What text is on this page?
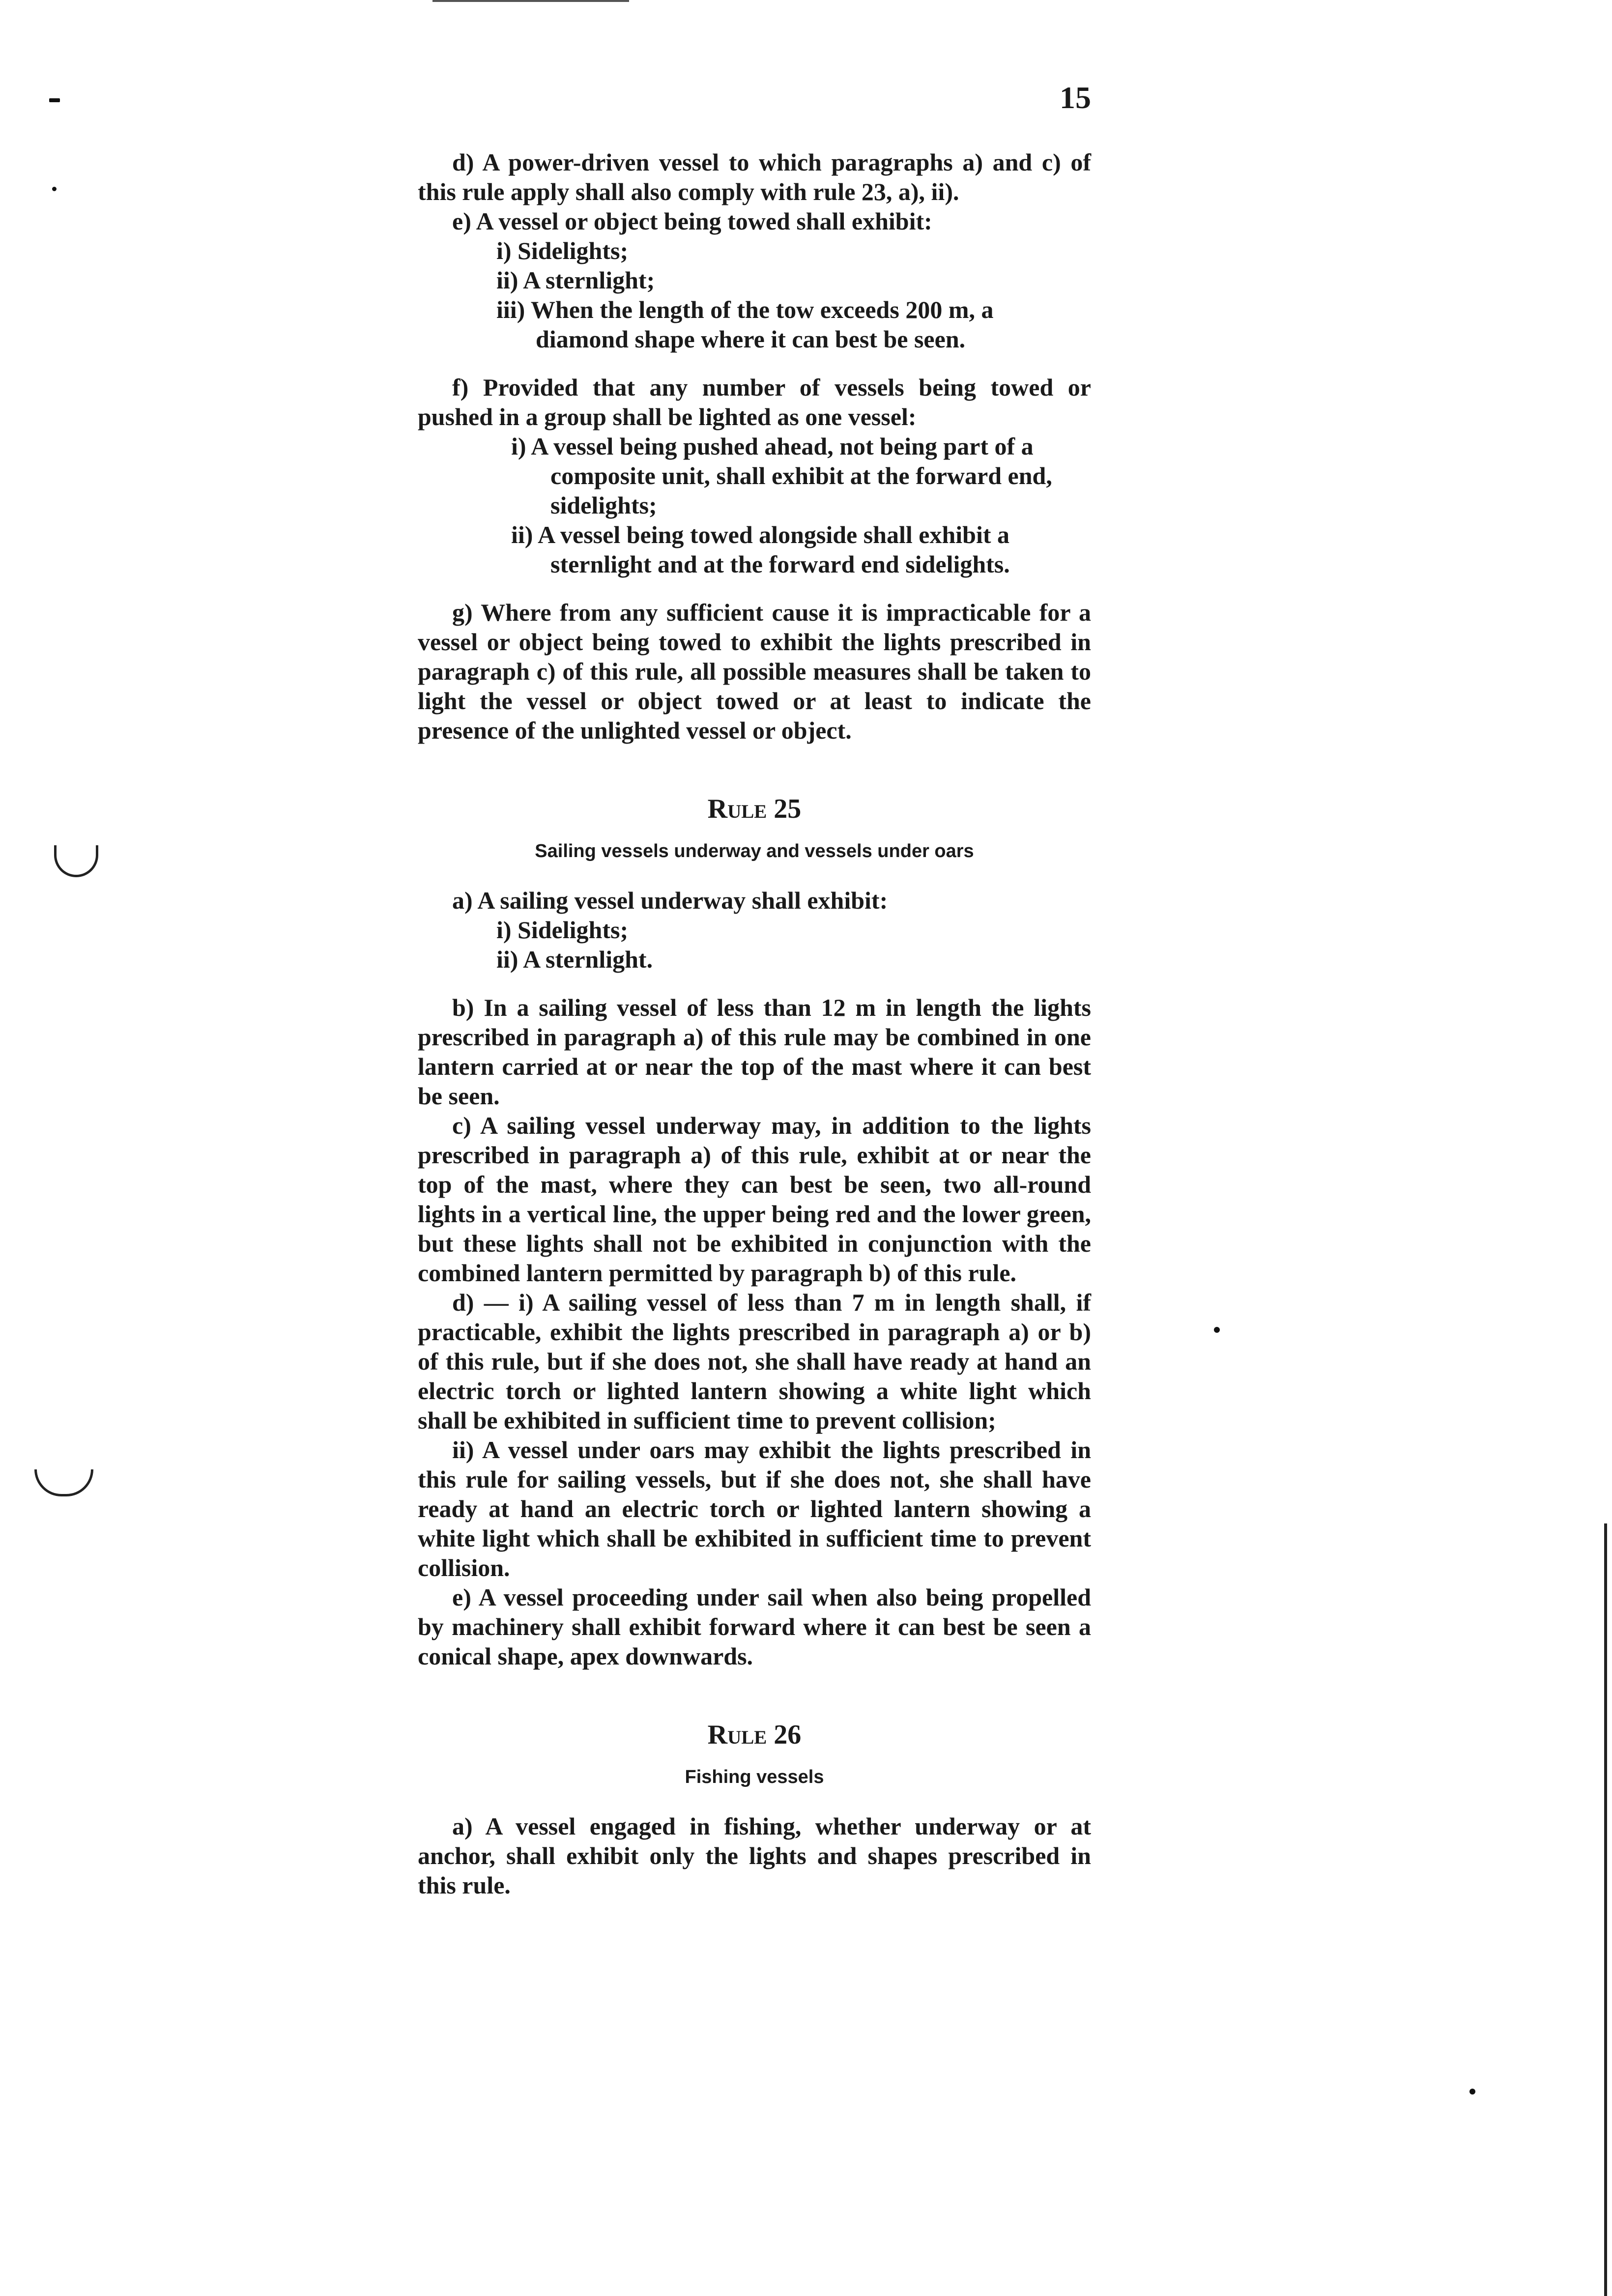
15

d) A power-driven vessel to which paragraphs a) and c) of this rule apply shall also comply with rule 23, a), ii).

e) A vessel or object being towed shall exhibit:

i) Sidelights;

ii) A sternlight;

iii) When the length of the tow exceeds 200 m, a diamond shape where it can best be seen.

f) Provided that any number of vessels being towed or pushed in a group shall be lighted as one vessel:

i) A vessel being pushed ahead, not being part of a composite unit, shall exhibit at the forward end, sidelights;

ii) A vessel being towed alongside shall exhibit a sternlight and at the forward end sidelights.

g) Where from any sufficient cause it is impracticable for a vessel or object being towed to exhibit the lights prescribed in paragraph c) of this rule, all possible measures shall be taken to light the vessel or object towed or at least to indicate the presence of the unlighted vessel or object.

Rule 25
Sailing vessels underway and vessels under oars

a) A sailing vessel underway shall exhibit:

i) Sidelights;

ii) A sternlight.

b) In a sailing vessel of less than 12 m in length the lights prescribed in paragraph a) of this rule may be combined in one lantern carried at or near the top of the mast where it can best be seen.

c) A sailing vessel underway may, in addition to the lights prescribed in paragraph a) of this rule, exhibit at or near the top of the mast, where they can best be seen, two all-round lights in a vertical line, the upper being red and the lower green, but these lights shall not be exhibited in conjunction with the combined lantern permitted by paragraph b) of this rule.

d) — i) A sailing vessel of less than 7 m in length shall, if practicable, exhibit the lights prescribed in paragraph a) or b) of this rule, but if she does not, she shall have ready at hand an electric torch or lighted lantern showing a white light which shall be exhibited in sufficient time to prevent collision;

ii) A vessel under oars may exhibit the lights prescribed in this rule for sailing vessels, but if she does not, she shall have ready at hand an electric torch or lighted lantern showing a white light which shall be exhibited in sufficient time to prevent collision.

e) A vessel proceeding under sail when also being propelled by machinery shall exhibit forward where it can best be seen a conical shape, apex downwards.

Rule 26
Fishing vessels

a) A vessel engaged in fishing, whether underway or at anchor, shall exhibit only the lights and shapes prescribed in this rule.
